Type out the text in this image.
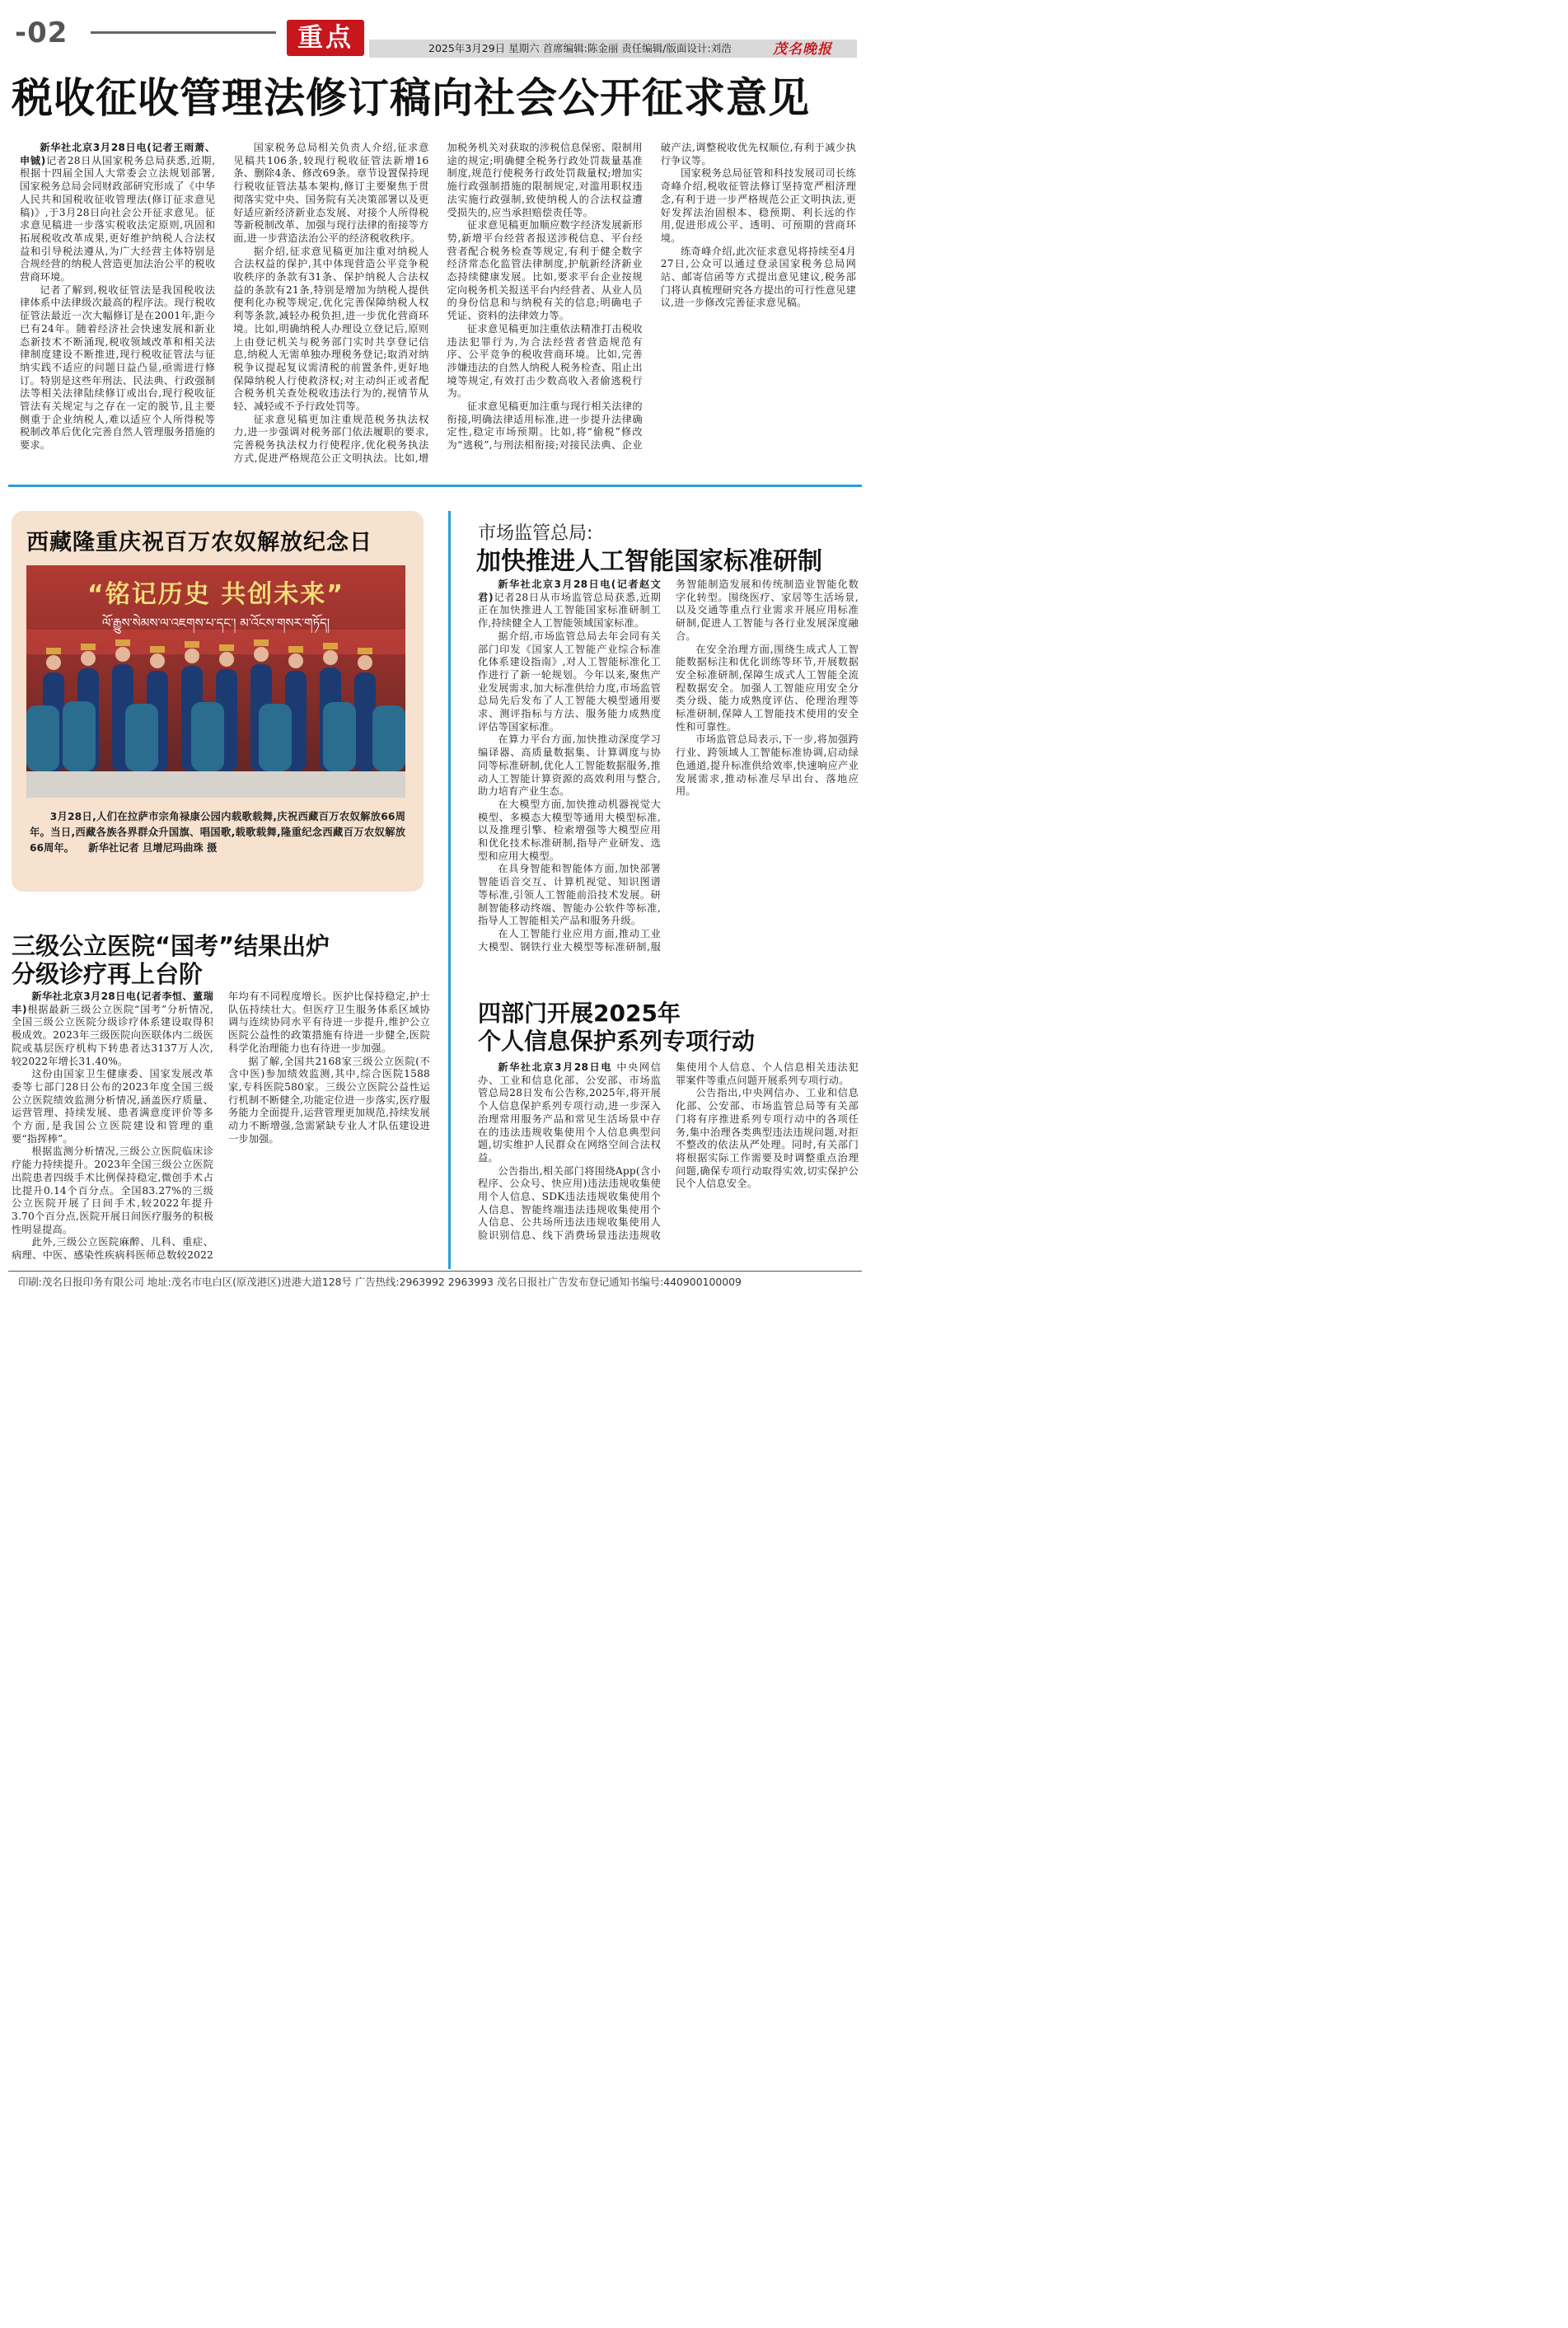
-02	重点	2025年3月29日 星期六 首席编辑:陈金丽 责任编辑/版面设计:刘浩	茂名晚报
税收征收管理法修订稿向社会公开征求意见

新华社北京3月28日电(记者王雨萧、申铖)记者28日从国家税务总局获悉,近期,根据十四届全国人大常委会立法规划部署,国家税务总局会同财政部研究形成了《中华人民共和国税收征收管理法(修订征求意见稿)》,于3月28日向社会公开征求意见。征求意见稿进一步落实税收法定原则,巩固和拓展税收改革成果,更好维护纳税人合法权益和引导税法遵从,为广大经营主体特别是合规经营的纳税人营造更加法治公平的税收营商环境。

记者了解到,税收征管法是我国税收法律体系中法律级次最高的程序法。现行税收征管法最近一次大幅修订是在2001年,距今已有24年。随着经济社会快速发展和新业态新技术不断涌现,税收领域改革和相关法律制度建设不断推进,现行税收征管法与征纳实践不适应的问题日益凸显,亟需进行修订。特别是这些年刑法、民法典、行政强制法等相关法律陆续修订或出台,现行税收征管法有关规定与之存在一定的脱节,且主要侧重于企业纳税人,难以适应个人所得税等税制改革后优化完善自然人管理服务措施的要求。

国家税务总局相关负责人介绍,征求意见稿共106条,较现行税收征管法新增16条、删除4条、修改69条。章节设置保持现行税收征管法基本架构,修订主要聚焦于贯彻落实党中央、国务院有关决策部署以及更好适应新经济新业态发展、对接个人所得税等新税制改革、加强与现行法律的衔接等方面,进一步营造法治公平的经济税收秩序。

据介绍,征求意见稿更加注重对纳税人合法权益的保护,其中体现营造公平竞争税收秩序的条款有31条、保护纳税人合法权益的条款有21条,特别是增加为纳税人提供便利化办税等规定,优化完善保障纳税人权利等条款,减轻办税负担,进一步优化营商环境。比如,明确纳税人办理设立登记后,原则上由登记机关与税务部门实时共享登记信息,纳税人无需单独办理税务登记;取消对纳税争议提起复议需清税的前置条件,更好地保障纳税人行使救济权;对主动纠正或者配合税务机关查处税收违法行为的,视情节从轻、减轻或不予行政处罚等。

征求意见稿更加注重规范税务执法权力,进一步强调对税务部门依法履职的要求,完善税务执法权力行使程序,优化税务执法方式,促进严格规范公正文明执法。比如,增加税务机关对获取的涉税信息保密、限制用途的规定;明确健全税务行政处罚裁量基准制度,规范行使税务行政处罚裁量权;增加实施行政强制措施的限制规定,对滥用职权违法实施行政强制,致使纳税人的合法权益遭受损失的,应当承担赔偿责任等。

征求意见稿更加顺应数字经济发展新形势,新增平台经营者报送涉税信息、平台经营者配合税务检查等规定,有利于健全数字经济常态化监管法律制度,护航新经济新业态持续健康发展。比如,要求平台企业按规定向税务机关报送平台内经营者、从业人员的身份信息和与纳税有关的信息;明确电子凭证、资料的法律效力等。

征求意见稿更加注重依法精准打击税收违法犯罪行为,为合法经营者营造规范有序、公平竞争的税收营商环境。比如,完善涉嫌违法的自然人纳税人税务检查、阻止出境等规定,有效打击少数高收入者偷逃税行为。

征求意见稿更加注重与现行相关法律的衔接,明确法律适用标准,进一步提升法律确定性,稳定市场预期。比如,将“偷税”修改为“逃税”,与刑法相衔接;对接民法典、企业破产法,调整税收优先权顺位,有利于减少执行争议等。

国家税务总局征管和科技发展司司长练奇峰介绍,税收征管法修订坚持宽严相济理念,有利于进一步严格规范公正文明执法,更好发挥法治固根本、稳预期、利长远的作用,促进形成公平、透明、可预期的营商环境。

练奇峰介绍,此次征求意见将持续至4月27日,公众可以通过登录国家税务总局网站、邮寄信函等方式提出意见建议,税务部门将认真梳理研究各方提出的可行性意见建议,进一步修改完善征求意见稿。

西藏隆重庆祝百万农奴解放纪念日
“铭记历史 共创未来”
ལོ་རྒྱུས་སེམས་ལ་འཇགས་པ་དང་། མ་འོངས་གསར་གཏོད།
3月28日,人们在拉萨市宗角禄康公园内载歌载舞,庆祝西藏百万农奴解放66周年。当日,西藏各族各界群众升国旗、唱国歌,载歌载舞,隆重纪念西藏百万农奴解放66周年。 新华社记者 旦增尼玛曲珠 摄
市场监管总局:
加快推进人工智能国家标准研制

新华社北京3月28日电(记者赵文君)记者28日从市场监管总局获悉,近期正在加快推进人工智能国家标准研制工作,持续健全人工智能领域国家标准。

据介绍,市场监管总局去年会同有关部门印发《国家人工智能产业综合标准化体系建设指南》,对人工智能标准化工作进行了新一轮规划。今年以来,聚焦产业发展需求,加大标准供给力度,市场监管总局先后发布了人工智能大模型通用要求、测评指标与方法、服务能力成熟度评估等国家标准。

在算力平台方面,加快推动深度学习编译器、高质量数据集、计算调度与协同等标准研制,优化人工智能数据服务,推动人工智能计算资源的高效利用与整合,助力培育产业生态。

在大模型方面,加快推动机器视觉大模型、多模态大模型等通用大模型标准,以及推理引擎、检索增强等大模型应用和优化技术标准研制,指导产业研发、选型和应用大模型。

在具身智能和智能体方面,加快部署智能语音交互、计算机视觉、知识图谱等标准,引领人工智能前沿技术发展。研制智能移动终端、智能办公软件等标准,指导人工智能相关产品和服务升级。

在人工智能行业应用方面,推动工业大模型、钢铁行业大模型等标准研制,服务智能制造发展和传统制造业智能化数字化转型。围绕医疗、家居等生活场景,以及交通等重点行业需求开展应用标准研制,促进人工智能与各行业发展深度融合。

在安全治理方面,围绕生成式人工智能数据标注和优化训练等环节,开展数据安全标准研制,保障生成式人工智能全流程数据安全。加强人工智能应用安全分类分级、能力成熟度评估、伦理治理等标准研制,保障人工智能技术使用的安全性和可靠性。

市场监管总局表示,下一步,将加强跨行业、跨领域人工智能标准协调,启动绿色通道,提升标准供给效率,快速响应产业发展需求,推动标准尽早出台、落地应用。

三级公立医院“国考”结果出炉
分级诊疗再上台阶

新华社北京3月28日电(记者李恒、董瑞丰)根据最新三级公立医院“国考”分析情况,全国三级公立医院分级诊疗体系建设取得积极成效。2023年三级医院向医联体内二级医院或基层医疗机构下转患者达3137万人次,较2022年增长31.40%。

这份由国家卫生健康委、国家发展改革委等七部门28日公布的2023年度全国三级公立医院绩效监测分析情况,涵盖医疗质量、运营管理、持续发展、患者满意度评价等多个方面,是我国公立医院建设和管理的重要“指挥棒”。

根据监测分析情况,三级公立医院临床诊疗能力持续提升。2023年全国三级公立医院出院患者四级手术比例保持稳定,微创手术占比提升0.14个百分点。全国83.27%的三级公立医院开展了日间手术,较2022年提升3.70个百分点,医院开展日间医疗服务的积极性明显提高。

此外,三级公立医院麻醉、儿科、重症、病理、中医、感染性疾病科医师总数较2022年均有不同程度增长。医护比保持稳定,护士队伍持续壮大。但医疗卫生服务体系区域协调与连续协同水平有待进一步提升,维护公立医院公益性的政策措施有待进一步健全,医院科学化治理能力也有待进一步加强。

据了解,全国共2168家三级公立医院(不含中医)参加绩效监测,其中,综合医院1588家,专科医院580家。三级公立医院公益性运行机制不断健全,功能定位进一步落实,医疗服务能力全面提升,运营管理更加规范,持续发展动力不断增强,急需紧缺专业人才队伍建设进一步加强。

四部门开展2025年
个人信息保护系列专项行动

新华社北京3月28日电 中央网信办、工业和信息化部、公安部、市场监管总局28日发布公告称,2025年,将开展个人信息保护系列专项行动,进一步深入治理常用服务产品和常见生活场景中存在的违法违规收集使用个人信息典型问题,切实维护人民群众在网络空间合法权益。

公告指出,相关部门将围绕App(含小程序、公众号、快应用)违法违规收集使用个人信息、SDK违法违规收集使用个人信息、智能终端违法违规收集使用个人信息、公共场所违法违规收集使用人脸识别信息、线下消费场景违法违规收集使用个人信息、个人信息相关违法犯罪案件等重点问题开展系列专项行动。

公告指出,中央网信办、工业和信息化部、公安部、市场监管总局等有关部门将有序推进系列专项行动中的各项任务,集中治理各类典型违法违规问题,对拒不整改的依法从严处理。同时,有关部门将根据实际工作需要及时调整重点治理问题,确保专项行动取得实效,切实保护公民个人信息安全。

印刷:茂名日报印务有限公司 地址:茂名市电白区(原茂港区)进港大道128号 广告热线:2963992 2963993 茂名日报社广告发布登记通知书编号:440900100009
